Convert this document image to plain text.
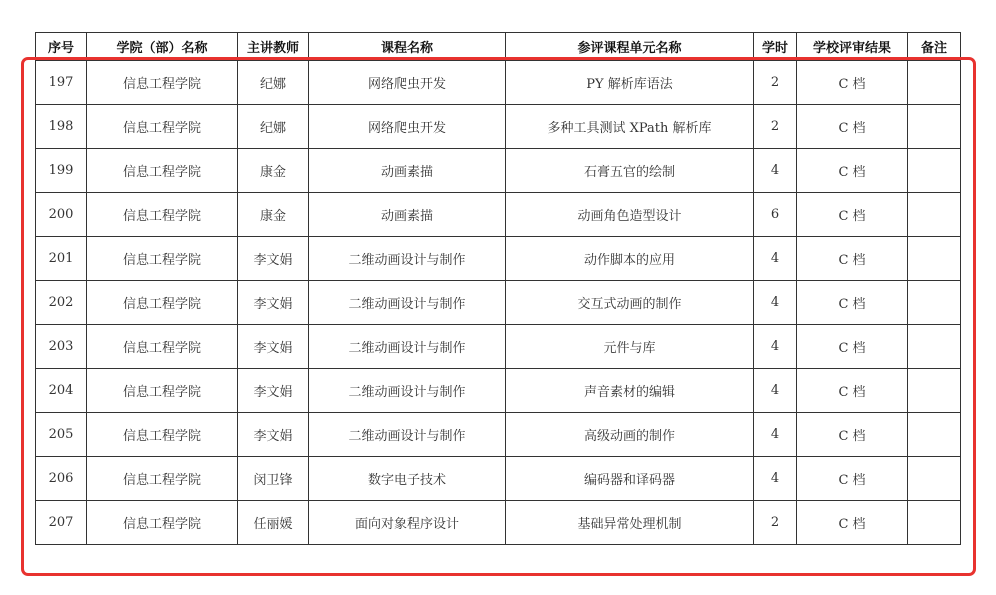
序号	学院（部）名称	主讲教师	课程名称	参评课程单元名称	学时	学校评审结果	备注
197	信息工程学院	纪娜	网络爬虫开发	PY 解析库语法	2	C 档	
198	信息工程学院	纪娜	网络爬虫开发	多种工具测试 XPath 解析库	2	C 档	
199	信息工程学院	康金	动画素描	石膏五官的绘制	4	C 档	
200	信息工程学院	康金	动画素描	动画角色造型设计	6	C 档	
201	信息工程学院	李文娟	二维动画设计与制作	动作脚本的应用	4	C 档	
202	信息工程学院	李文娟	二维动画设计与制作	交互式动画的制作	4	C 档	
203	信息工程学院	李文娟	二维动画设计与制作	元件与库	4	C 档	
204	信息工程学院	李文娟	二维动画设计与制作	声音素材的编辑	4	C 档	
205	信息工程学院	李文娟	二维动画设计与制作	高级动画的制作	4	C 档	
206	信息工程学院	闵卫锋	数字电子技术	编码器和译码器	4	C 档	
207	信息工程学院	任丽媛	面向对象程序设计	基础异常处理机制	2	C 档	
